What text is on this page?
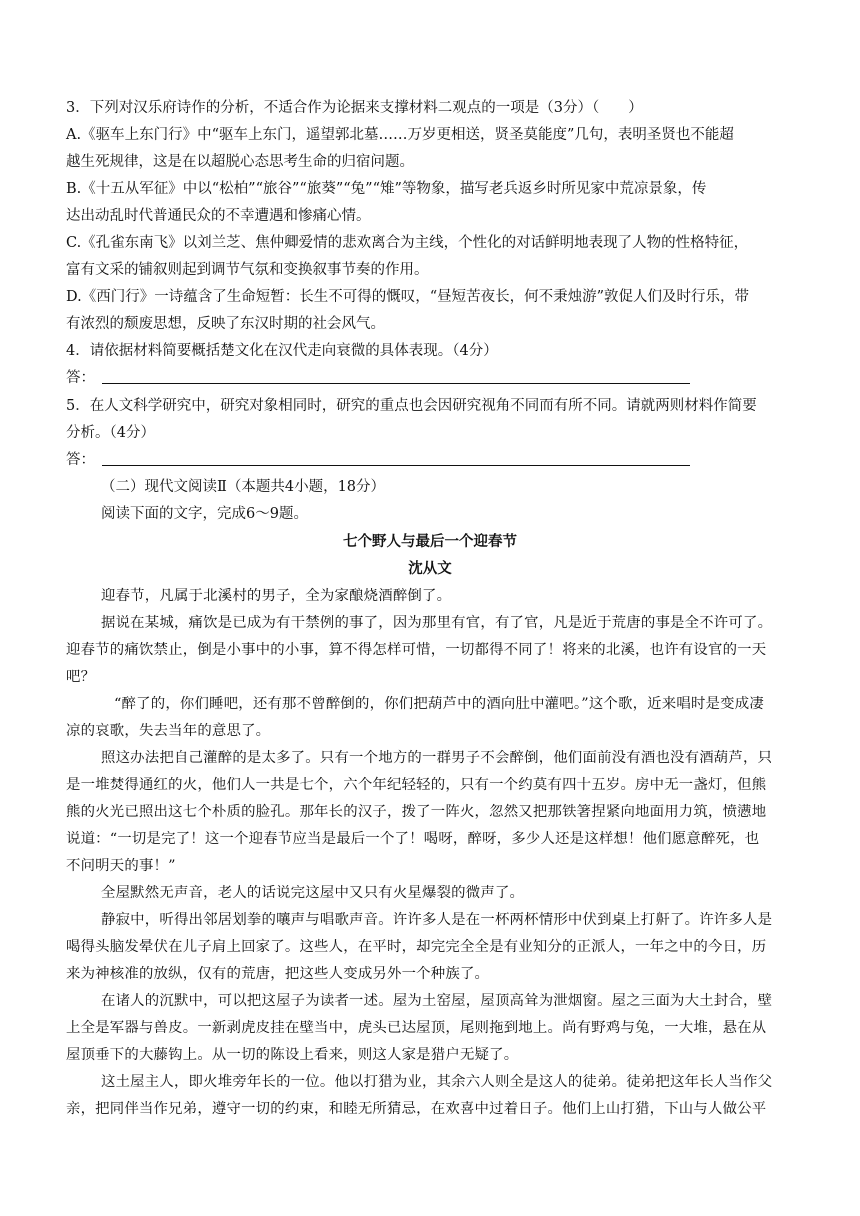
3．下列对汉乐府诗作的分析，不适合作为论据来支撑材料二观点的一项是（3分）（　　）
A.《驱车上东门行》中“驱车上东门，遥望郭北墓……万岁更相送，贤圣莫能度”几句，表明圣贤也不能超
越生死规律，这是在以超脱心态思考生命的归宿问题。
B.《十五从军征》中以“松柏”“旅谷”“旅葵”“兔”“雉”等物象，描写老兵返乡时所见家中荒凉景象，传
达出动乱时代普通民众的不幸遭遇和惨痛心情。
C.《孔雀东南飞》以刘兰芝、焦仲卿爱情的悲欢离合为主线，个性化的对话鲜明地表现了人物的性格特征，
富有文采的铺叙则起到调节气氛和变换叙事节奏的作用。
D.《西门行》一诗蕴含了生命短暂：长生不可得的慨叹，“昼短苦夜长，何不秉烛游”敦促人们及时行乐，带
有浓烈的颓废思想，反映了东汉时期的社会风气。
4．请依据材料简要概括楚文化在汉代走向衰微的具体表现。（4分）
答：
5．在人文科学研究中，研究对象相同时，研究的重点也会因研究视角不同而有所不同。请就两则材料作简要
分析。（4分）
答：
（二）现代文阅读Ⅱ（本题共4小题，18分）
阅读下面的文字，完成6～9题。
七个野人与最后一个迎春节
沈从文
迎春节，凡属于北溪村的男子，全为家酿烧酒醉倒了。
据说在某城，痛饮是已成为有干禁例的事了，因为那里有官，有了官，凡是近于荒唐的事是全不许可了。
迎春节的痛饮禁止，倒是小事中的小事，算不得怎样可惜，一切都得不同了！将来的北溪，也许有设官的一天
吧？
“醉了的，你们睡吧，还有那不曾醉倒的，你们把葫芦中的酒向肚中灌吧。”这个歌，近来唱时是变成凄
凉的哀歌，失去当年的意思了。
照这办法把自己灌醉的是太多了。只有一个地方的一群男子不会醉倒，他们面前没有酒也没有酒葫芦，只
是一堆焚得通红的火，他们人一共是七个，六个年纪轻轻的，只有一个约莫有四十五岁。房中无一盏灯，但熊
熊的火光已照出这七个朴质的脸孔。那年长的汉子，拨了一阵火，忽然又把那铁箸捏紧向地面用力筑，愤懑地
说道：“一切是完了！这一个迎春节应当是最后一个了！喝呀，醉呀，多少人还是这样想！他们愿意醉死，也
不问明天的事！”
全屋默然无声音，老人的话说完这屋中又只有火星爆裂的微声了。
静寂中，听得出邻居划拳的嚷声与唱歌声音。许许多人是在一杯两杯情形中伏到桌上打鼾了。许许多人是
喝得头脑发晕伏在儿子肩上回家了。这些人，在平时，却完完全全是有业知分的正派人，一年之中的今日，历
来为神核准的放纵，仅有的荒唐，把这些人变成另外一个种族了。
在诸人的沉默中，可以把这屋子为读者一述。屋为土窑屋，屋顶高耸为泄烟窗。屋之三面为大土封合，壁
上全是军器与兽皮。一新剥虎皮挂在壁当中，虎头已达屋顶，尾则拖到地上。尚有野鸡与兔，一大堆，悬在从
屋顶垂下的大藤钩上。从一切的陈设上看来，则这人家是猎户无疑了。
这土屋主人，即火堆旁年长的一位。他以打猎为业，其余六人则全是这人的徒弟。徒弟把这年长人当作父
亲，把同伴当作兄弟，遵守一切的约束，和睦无所猜忌，在欢喜中过着日子。他们上山打猎，下山与人做公平
